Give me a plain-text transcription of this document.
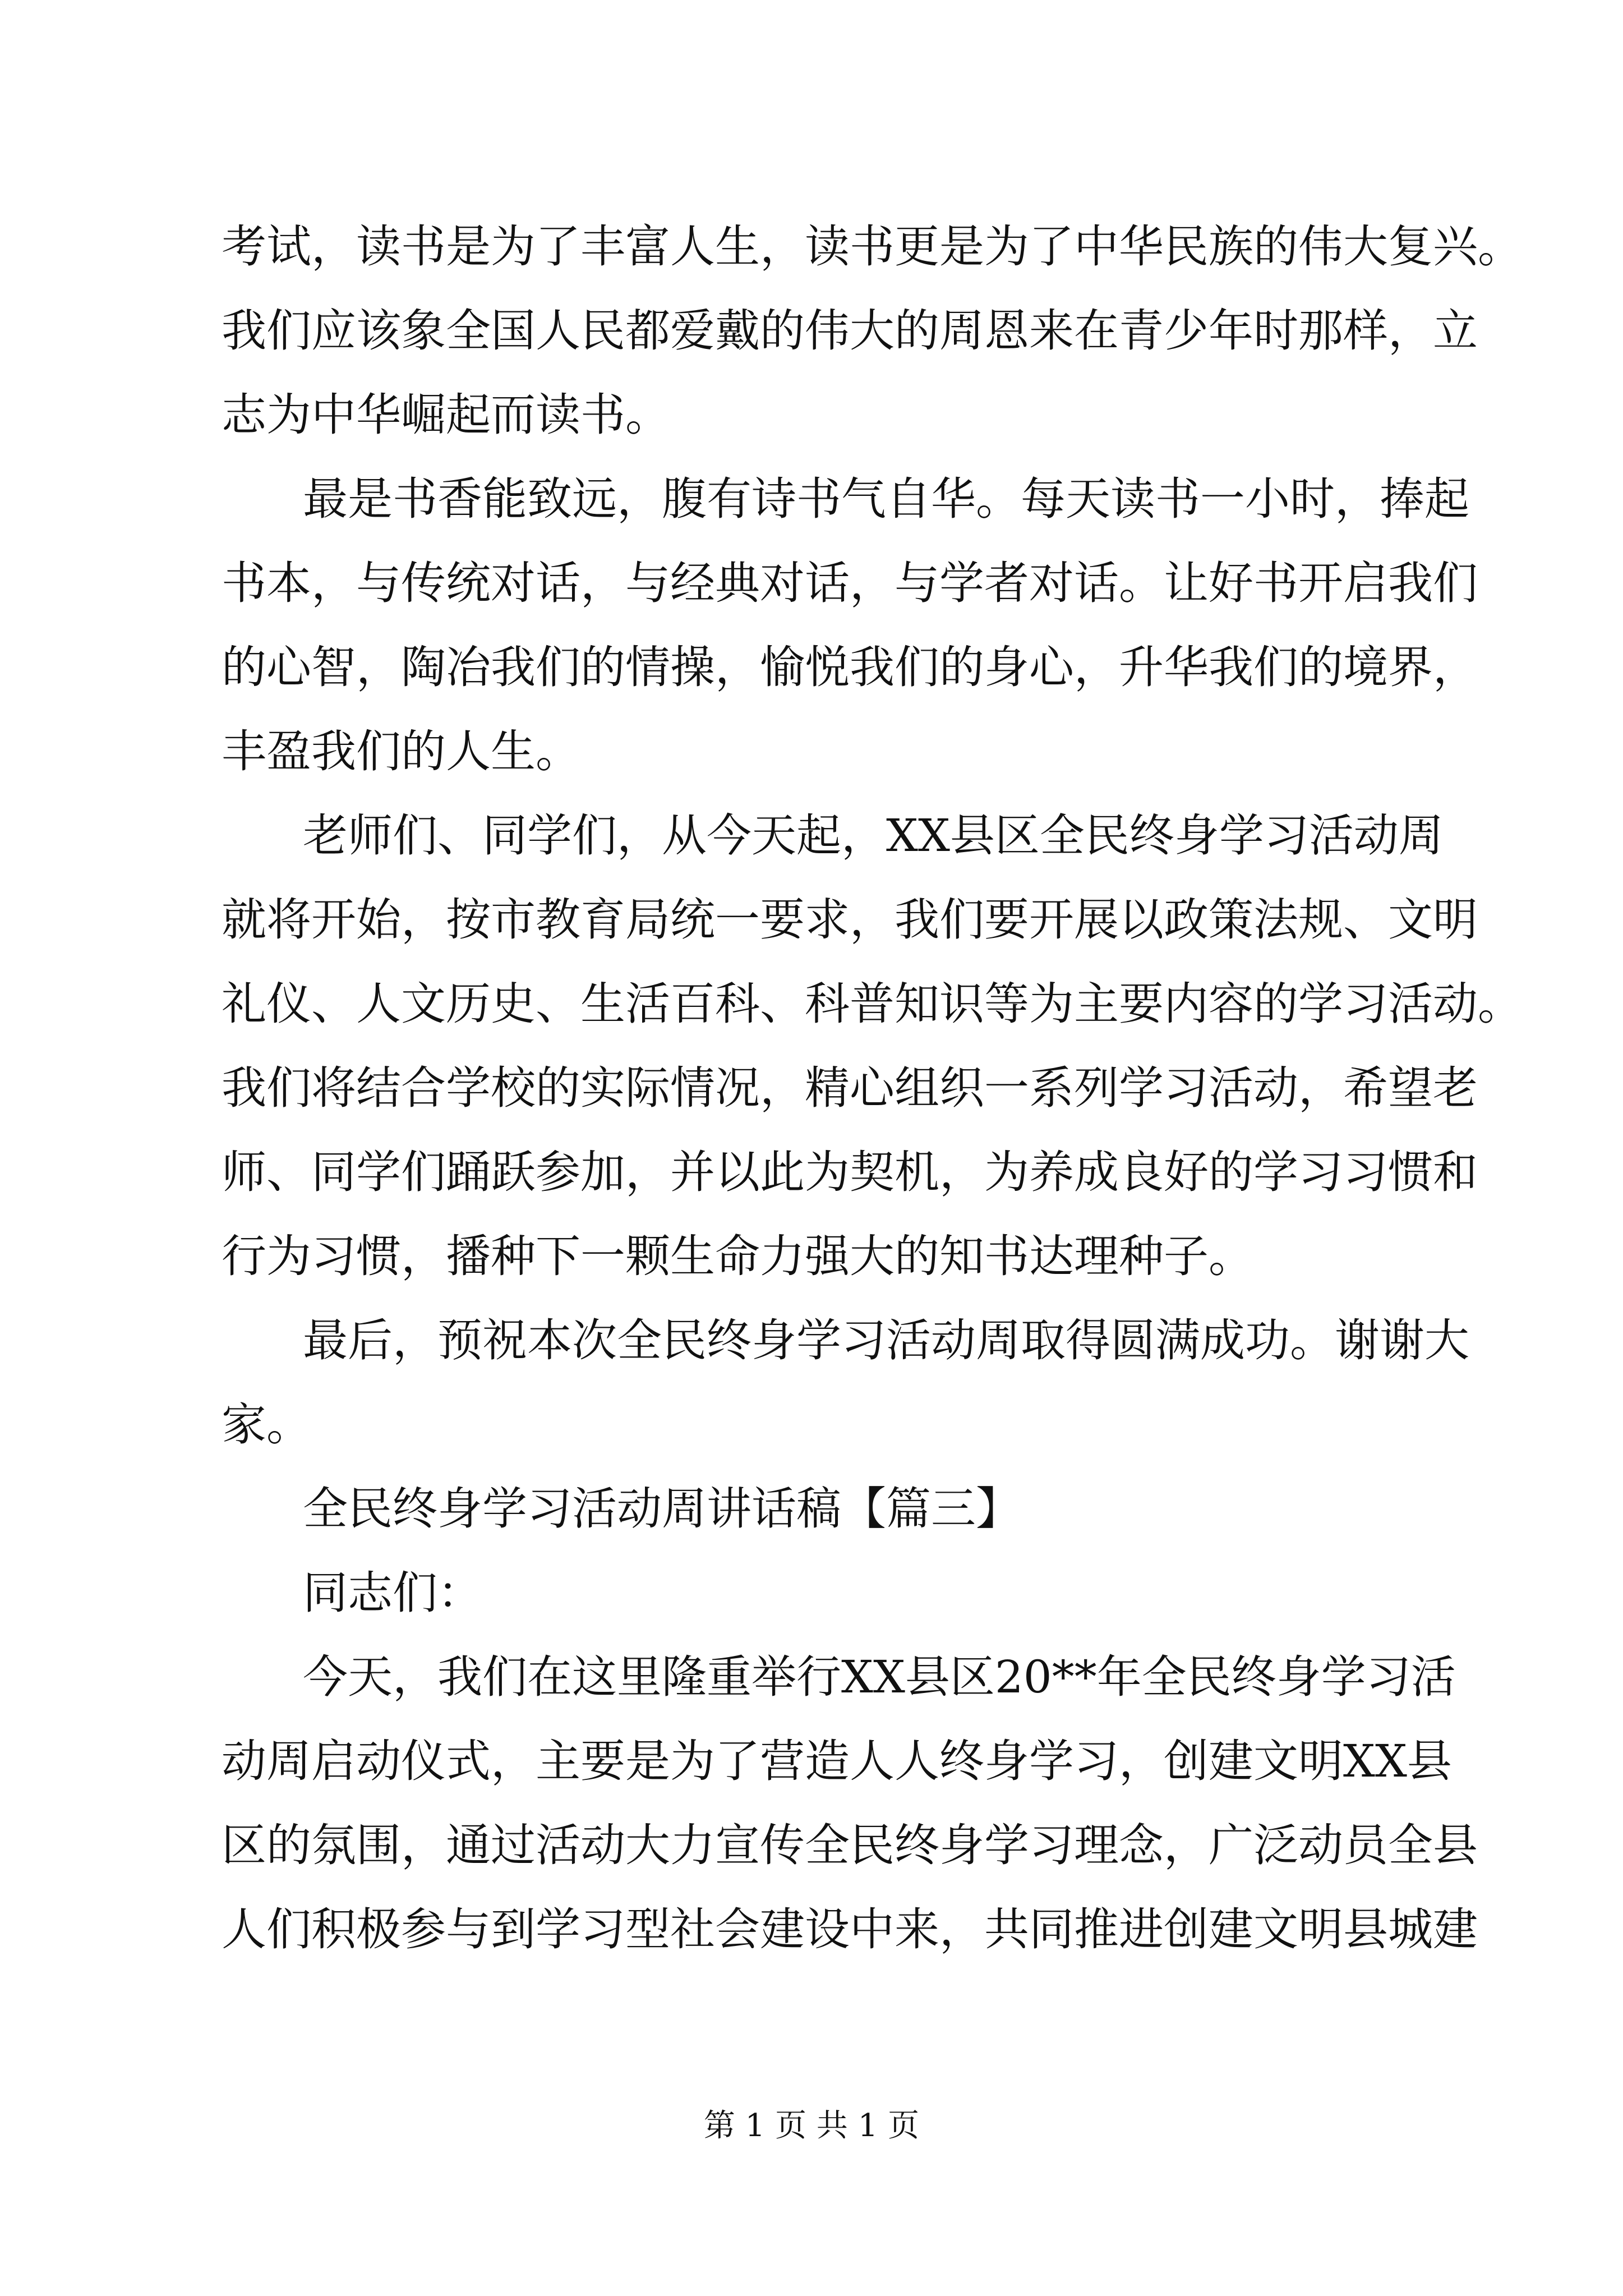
考试，读书是为了丰富人生，读书更是为了中华民族的伟大复兴。
我们应该象全国人民都爱戴的伟大的周恩来在青少年时那样，立
志为中华崛起而读书。
最是书香能致远，腹有诗书气自华。每天读书一小时，捧起
书本，与传统对话，与经典对话，与学者对话。让好书开启我们
的心智，陶冶我们的情操，愉悦我们的身心，升华我们的境界，
丰盈我们的人生。
老师们、同学们，从今天起，XX县区全民终身学习活动周
就将开始，按市教育局统一要求，我们要开展以政策法规、文明
礼仪、人文历史、生活百科、科普知识等为主要内容的学习活动。
我们将结合学校的实际情况，精心组织一系列学习活动，希望老
师、同学们踊跃参加，并以此为契机，为养成良好的学习习惯和
行为习惯，播种下一颗生命力强大的知书达理种子。
最后，预祝本次全民终身学习活动周取得圆满成功。谢谢大
家。
全民终身学习活动周讲话稿【篇三】
同志们：
今天，我们在这里隆重举行XX县区20**年全民终身学习活
动周启动仪式，主要是为了营造人人终身学习，创建文明XX县
区的氛围，通过活动大力宣传全民终身学习理念，广泛动员全县
人们积极参与到学习型社会建设中来，共同推进创建文明县城建
第 1 页 共 1 页
